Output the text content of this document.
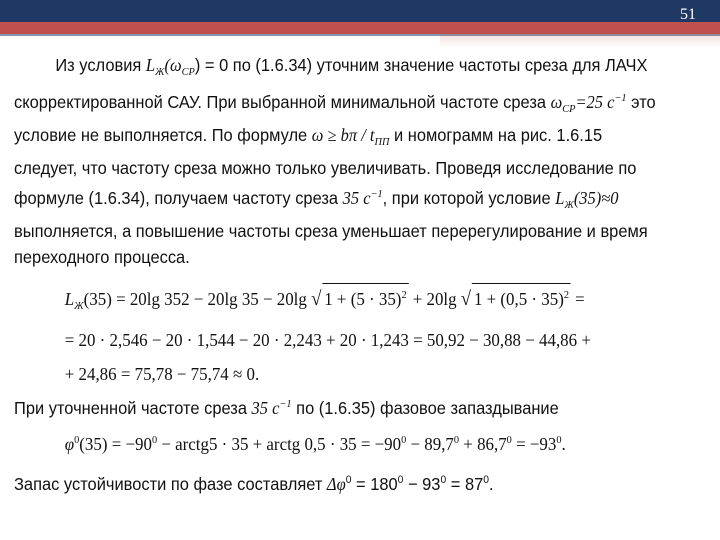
51

Из условия $L_Ж(\omega_{СР}) = 0$ по (1.6.34) уточним значение частоты среза для ЛАЧХ скорректированной САУ. При выбранной минимальной частоте среза $\omega_{СР}=25$ $с^{-1}$ это условие не выполняется. По формуле $\omega \ge b\pi / t_{ПП}$ и номограмм на рис. 1.6.15 следует, что частоту среза можно только увеличивать. Проведя исследование по формуле (1.6.34), получаем частоту среза 35 $с^{-1}$, при которой условие $L_Ж(35)\approx 0$ выполняется, а повышение частоты среза уменьшает перерегулирование и время переходного процесса.

$L_Ж(35) = 20\lg$ 352 − 20lg 35 − 20lg √ $1 + (5 \cdot 35)^2 + 20\lg$ √ $1 + (0,5 \cdot 35)^2$ =
= 20 · 2,546 − 20 · 1,544 − 20 · 2,243 + 20 · 1,243 = 50,92 − 30,88 − 44,86 +
+ 24,86 = 75,78 − 75,74 ≈ 0.

При уточненной частоте среза 35 $с^{-1}$ по (1.6.35) фазовое запаздывание

$\varphi^0(35) = -90^0$ − arctg5 · 35 + arctg $0,5 \cdot 35 = -90^0 - 89,7^0 + 86,7^0 = -93^0$.

Запас устойчивости по фазе составляет $\Delta\varphi^0 = 180^0 - 93^0 = 87^0$.
